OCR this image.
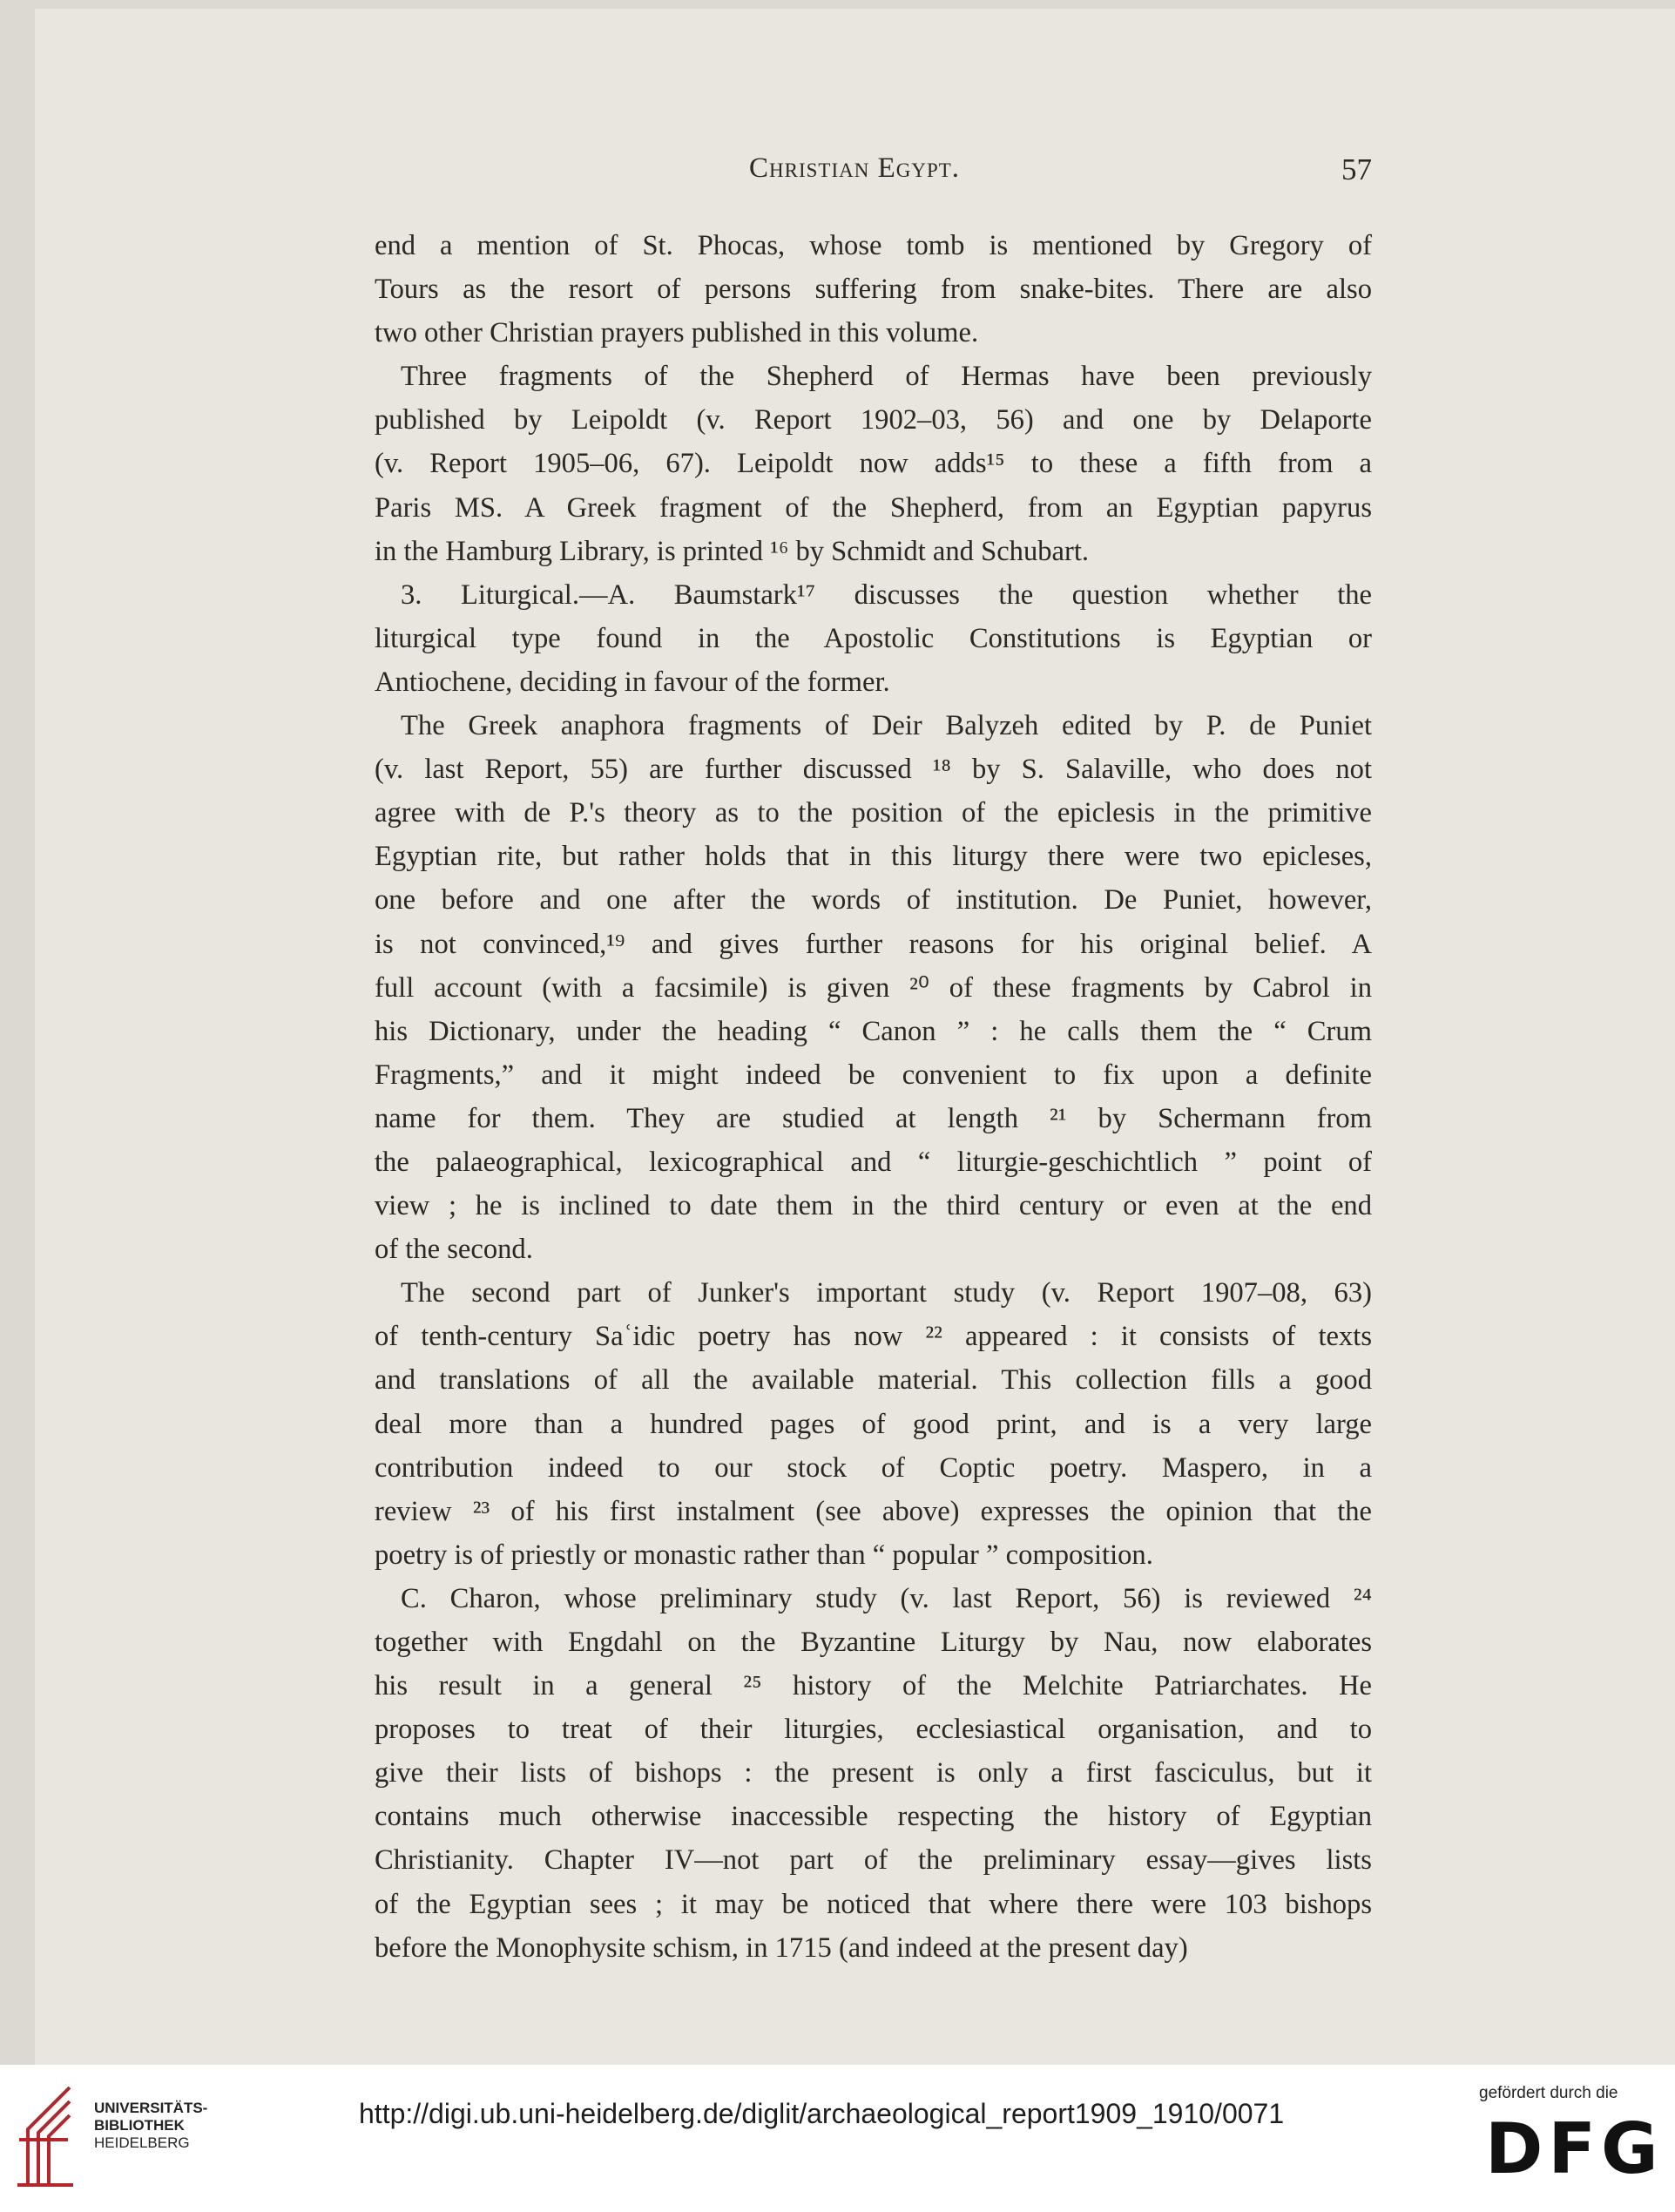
Christian Egypt.	57
end a mention of St. Phocas, whose tomb is mentioned by Gregory of
Tours as the resort of persons suffering from snake-bites. There are also
two other Christian prayers published in this volume.
Three fragments of the Shepherd of Hermas have been previously
published by Leipoldt (v. Report 1902–03, 56) and one by Delaporte
(v. Report 1905–06, 67). Leipoldt now adds¹⁵ to these a fifth from a
Paris MS. A Greek fragment of the Shepherd, from an Egyptian papyrus
in the Hamburg Library, is printed ¹⁶ by Schmidt and Schubart.
3. Liturgical.—A. Baumstark¹⁷ discusses the question whether the
liturgical type found in the Apostolic Constitutions is Egyptian or
Antiochene, deciding in favour of the former.
The Greek anaphora fragments of Deir Balyzeh edited by P. de Puniet
(v. last Report, 55) are further discussed ¹⁸ by S. Salaville, who does not
agree with de P.'s theory as to the position of the epiclesis in the primitive
Egyptian rite, but rather holds that in this liturgy there were two epicleses,
one before and one after the words of institution. De Puniet, however,
is not convinced,¹⁹ and gives further reasons for his original belief. A
full account (with a facsimile) is given ²⁰ of these fragments by Cabrol in
his Dictionary, under the heading “ Canon ” : he calls them the “ Crum
Fragments,” and it might indeed be convenient to fix upon a definite
name for them. They are studied at length ²¹ by Schermann from
the palaeographical, lexicographical and “ liturgie-geschichtlich ” point of
view ; he is inclined to date them in the third century or even at the end
of the second.
The second part of Junker's important study (v. Report 1907–08, 63)
of tenth-century Saʿidic poetry has now ²² appeared : it consists of texts
and translations of all the available material. This collection fills a good
deal more than a hundred pages of good print, and is a very large
contribution indeed to our stock of Coptic poetry. Maspero, in a
review ²³ of his first instalment (see above) expresses the opinion that the
poetry is of priestly or monastic rather than “ popular ” composition.
C. Charon, whose preliminary study (v. last Report, 56) is reviewed ²⁴
together with Engdahl on the Byzantine Liturgy by Nau, now elaborates
his result in a general ²⁵ history of the Melchite Patriarchates. He
proposes to treat of their liturgies, ecclesiastical organisation, and to
give their lists of bishops : the present is only a first fasciculus, but it
contains much otherwise inaccessible respecting the history of Egyptian
Christianity. Chapter IV—not part of the preliminary essay—gives lists
of the Egyptian sees ; it may be noticed that where there were 103 bishops
before the Monophysite schism, in 1715 (and indeed at the present day)
UNIVERSITÄTS-
BIBLIOTHEK
HEIDELBERG
http://digi.ub.uni-heidelberg.de/diglit/archaeological_report1909_1910/0071
gefördert durch die
DFG
